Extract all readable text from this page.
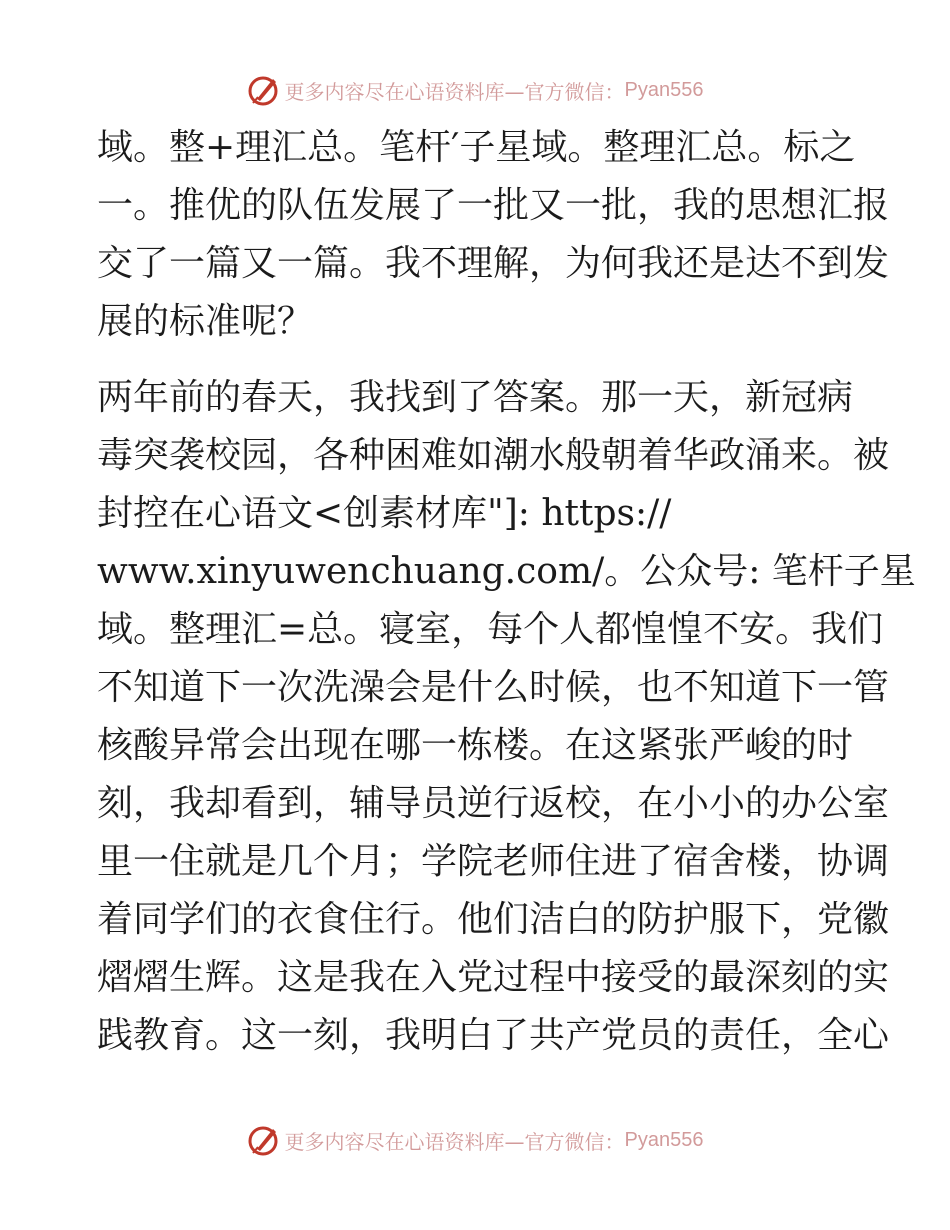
更多内容尽在心语资料库—官方微信： Pyan556
域。整+理汇总。笔杆′子星域。整理汇总。标之
一。推优的队伍发展了一批又一批，我的思想汇报
交了一篇又一篇。我不理解，为何我还是达不到发
展的标准呢？
两年前的春天，我找到了答案。那一天，新冠病
毒突袭校园，各种困难如潮水般朝着华政涌来。被
封控在心语文<创素材库"]: https://
www.xinyuwenchuang.com/。公众号: 笔杆子星
域。整理汇=总。寝室，每个人都惶惶不安。我们
不知道下一次洗澡会是什么时候，也不知道下一管
核酸异常会出现在哪一栋楼。在这紧张严峻的时
刻，我却看到，辅导员逆行返校，在小小的办公室
里一住就是几个月；学院老师住进了宿舍楼，协调
着同学们的衣食住行。他们洁白的防护服下，党徽
熠熠生辉。这是我在入党过程中接受的最深刻的实
践教育。这一刻，我明白了共产党员的责任，全心
更多内容尽在心语资料库—官方微信： Pyan556
